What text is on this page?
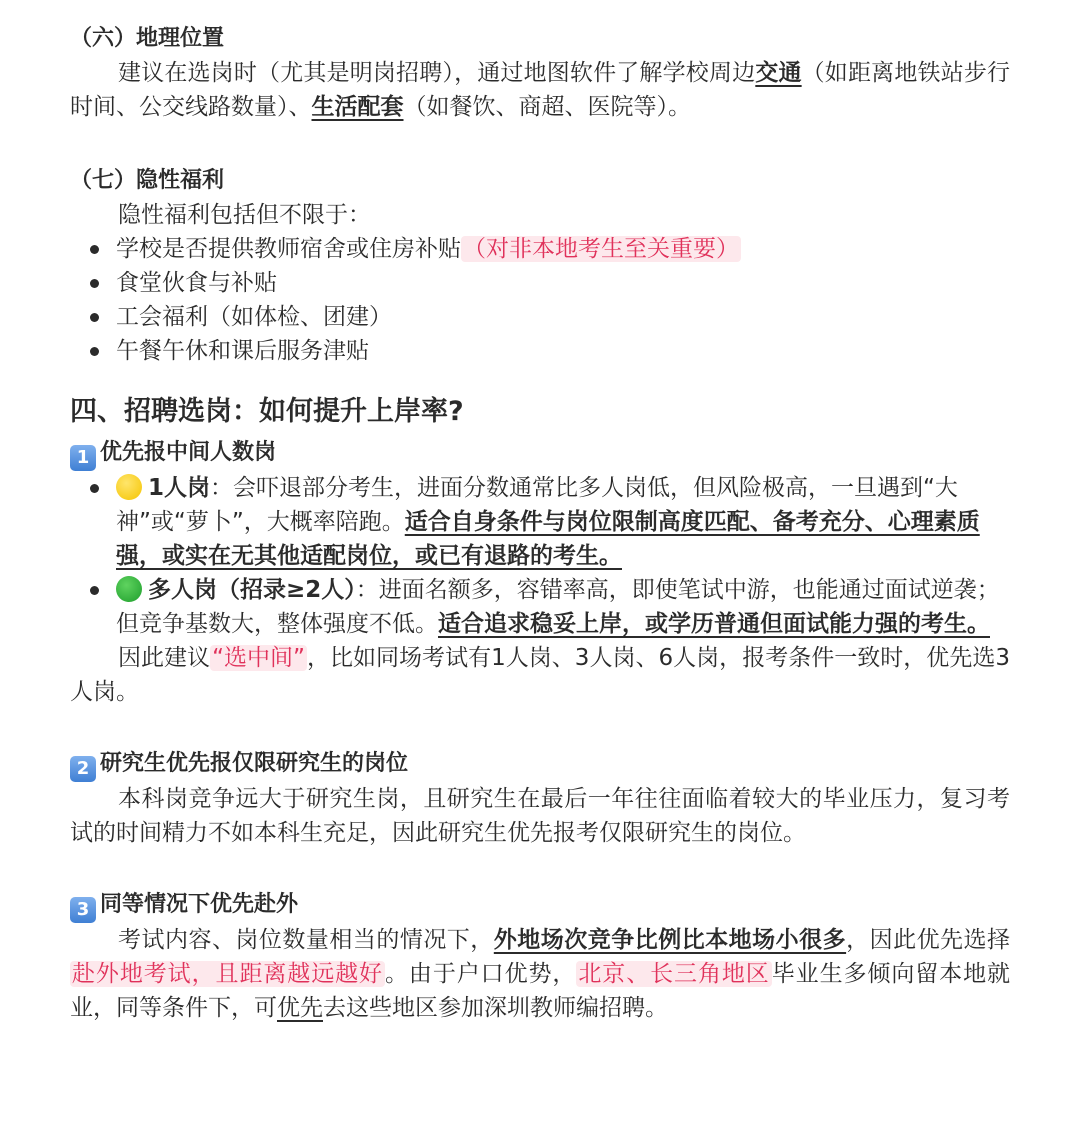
（六）地理位置

建议在选岗时（尤其是明岗招聘），通过地图软件了解学校周边交通（如距离地铁站步行时间、公交线路数量）、生活配套（如餐饮、商超、医院等）。

（七）隐性福利

隐性福利包括但不限于：

学校是否提供教师宿舍或住房补贴（对非本地考生至关重要）
食堂伙食与补贴
工会福利（如体检、团建）
午餐午休和课后服务津贴
四、招聘选岗：如何提升上岸率?
1 优先报中间人数岗
1人岗：会吓退部分考生，进面分数通常比多人岗低，但风险极高，一旦遇到“大神”或“萝卜”，大概率陪跑。适合自身条件与岗位限制高度匹配、备考充分、心理素质强，或实在无其他适配岗位，或已有退路的考生。
多人岗（招录≥2人）：进面名额多，容错率高，即使笔试中游，也能通过面试逆袭；但竞争基数大，整体强度不低。适合追求稳妥上岸，或学历普通但面试能力强的考生。

因此建议“选中间”，比如同场考试有1人岗、3人岗、6人岗，报考条件一致时，优先选3人岗。

2 研究生优先报仅限研究生的岗位

本科岗竞争远大于研究生岗，且研究生在最后一年往往面临着较大的毕业压力，复习考试的时间精力不如本科生充足，因此研究生优先报考仅限研究生的岗位。

3 同等情况下优先赴外

考试内容、岗位数量相当的情况下，外地场次竞争比例比本地场小很多，因此优先选择赴外地考试，且距离越远越好。由于户口优势，北京、长三角地区毕业生多倾向留本地就业，同等条件下，可优先去这些地区参加深圳教师编招聘。
